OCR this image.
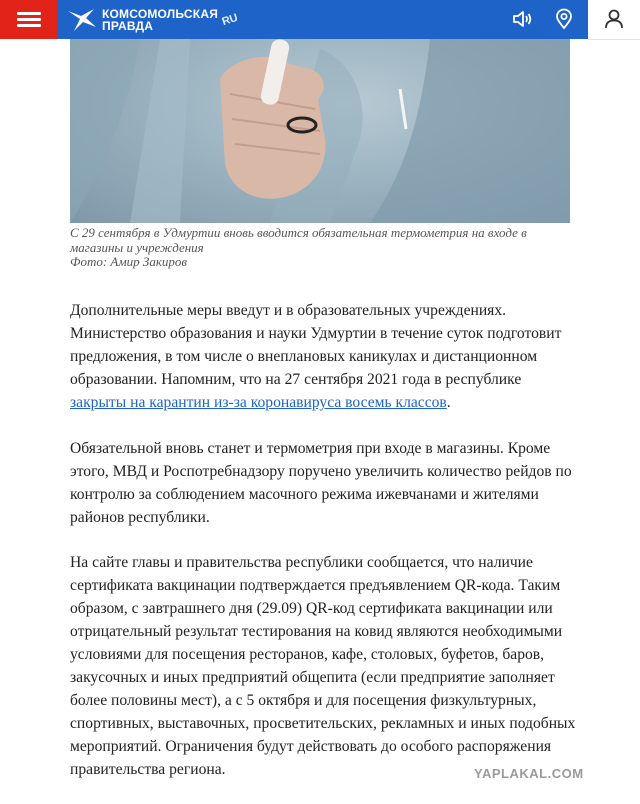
КОМСОМОЛЬСКАЯ
ПРАВДА	RU
С 29 сентября в Удмуртии вновь вводится обязательная термометрия на входе в магазины и учреждения
Фото: Амир Закиров
Дополнительные меры введут и в образовательных учреждениях. Министерство образования и науки Удмуртии в течение суток подготовит предложения, в том числе о внеплановых каникулах и дистанционном образовании. Напомним, что на 27 сентября 2021 года в республике закрыты на карантин из-за коронавируса восемь классов.
Обязательной вновь станет и термометрия при входе в магазины. Кроме этого, МВД и Роспотребнадзору поручено увеличить количество рейдов по контролю за соблюдением масочного режима ижевчанами и жителями районов республики.
На сайте главы и правительства республики сообщается, что наличие сертификата вакцинации подтверждается предъявлением QR-кода. Таким образом, с завтрашнего дня (29.09) QR-код сертификата вакцинации или отрицательный результат тестирования на ковид являются необходимыми условиями для посещения ресторанов, кафе, столовых, буфетов, баров, закусочных и иных предприятий общепита (если предприятие заполняет более половины мест), а с 5 октября и для посещения физкультурных, спортивных, выставочных, просветительских, рекламных и иных подобных мероприятий. Ограничения будут действовать до особого распоряжения правительства региона.	YAPLAKAL.COM
